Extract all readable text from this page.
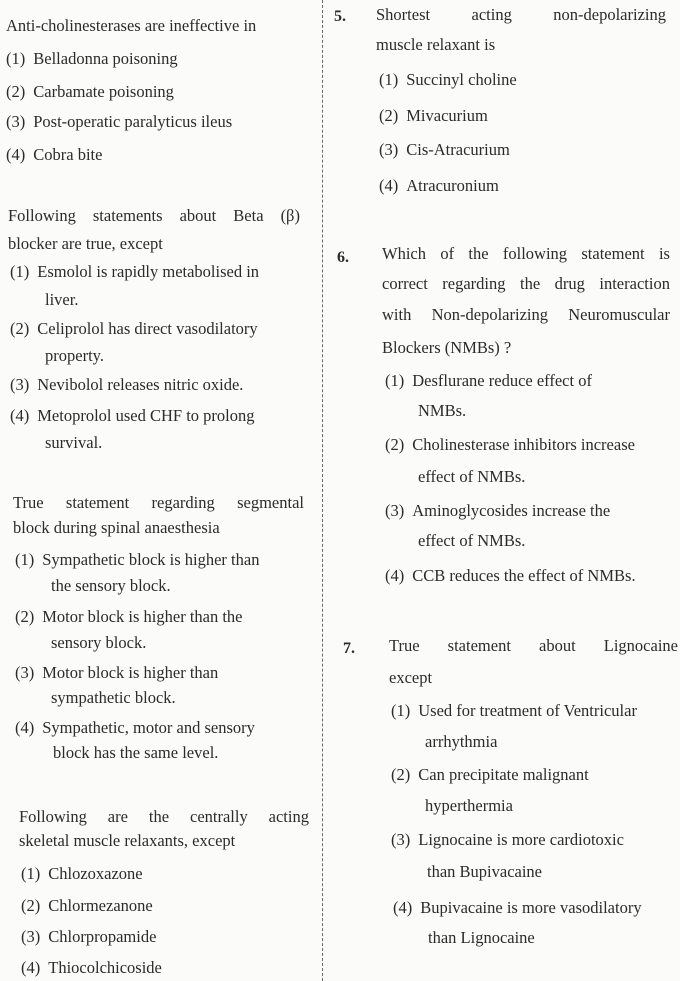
Anti-cholinesterases are ineffective in
(1) Belladonna poisoning
(2) Carbamate poisoning
(3) Post-operatic paralyticus ileus
(4) Cobra bite
Following statements about Beta (β)
blocker are true, except
(1) Esmolol is rapidly metabolised in
liver.
(2) Celiprolol has direct vasodilatory
property.
(3) Nevibolol releases nitric oxide.
(4) Metoprolol used CHF to prolong
survival.
True statement regarding segmental
block during spinal anaesthesia
(1) Sympathetic block is higher than
the sensory block.
(2) Motor block is higher than the
sensory block.
(3) Motor block is higher than
sympathetic block.
(4) Sympathetic, motor and sensory
block has the same level.
Following are the centrally acting
skeletal muscle relaxants, except
(1) Chlozoxazone
(2) Chlormezanone
(3) Chlorpropamide
(4) Thiocolchicoside
5. Shortest	acting	non-depolarizing
muscle relaxant is
(1) Succinyl choline
(2) Mivacurium
(3) Cis-Atracurium
(4) Atracuronium
6. Which of the following statement is
correct regarding the drug interaction
with Non-depolarizing Neuromuscular
Blockers (NMBs) ?
(1) Desflurane reduce effect of
NMBs.
(2) Cholinesterase inhibitors increase
effect of NMBs.
(3) Aminoglycosides increase the
effect of NMBs.
(4) CCB reduces the effect of NMBs.
7. True statement about Lignocaine
except
(1) Used for treatment of Ventricular
arrhythmia
(2) Can precipitate malignant
hyperthermia
(3) Lignocaine is more cardiotoxic
than Bupivacaine
(4) Bupivacaine is more vasodilatory
than Lignocaine
